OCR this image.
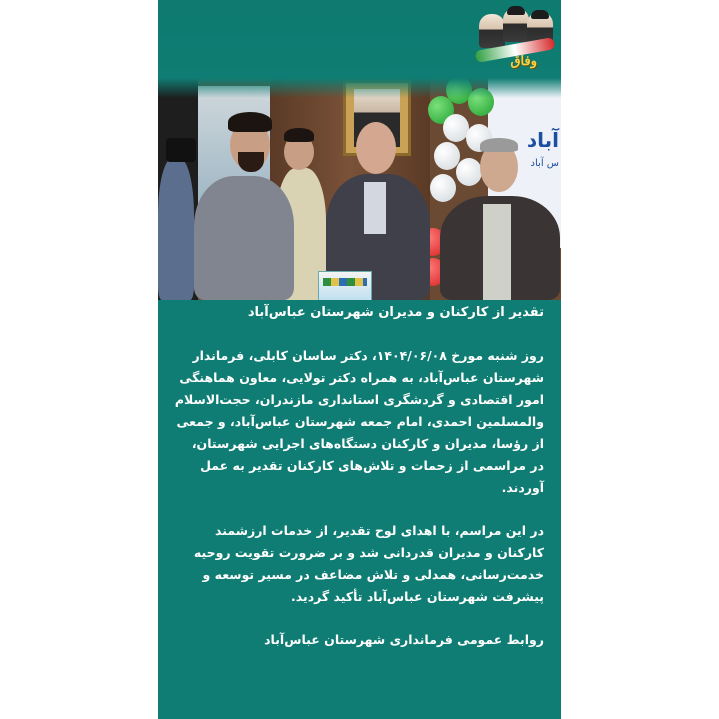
وفاق
آباد
س آباد

تقدیر از کارکنان و مدیران شهرستان عباس‌آباد

روز شنبه مورخ ۱۴۰۴/۰۶/۰۸، دکتر ساسان کابلی، فرماندار شهرستان عباس‌آباد، به همراه دکتر تولایی، معاون هماهنگی امور اقتصادی و گردشگری استانداری مازندران، حجت‌الاسلام والمسلمین احمدی، امام جمعه شهرستان عباس‌آباد، و جمعی از رؤسا، مدیران و کارکنان دستگاه‌های اجرایی شهرستان، در مراسمی از زحمات و تلاش‌های کارکنان تقدیر به عمل آوردند.

در این مراسم، با اهدای لوح تقدیر، از خدمات ارزشمند کارکنان و مدیران قدردانی شد و بر ضرورت تقویت روحیه خدمت‌رسانی، همدلی و تلاش مضاعف در مسیر توسعه و پیشرفت شهرستان عباس‌آباد تأکید گردید.

روابط عمومی فرمانداری شهرستان عباس‌آباد
